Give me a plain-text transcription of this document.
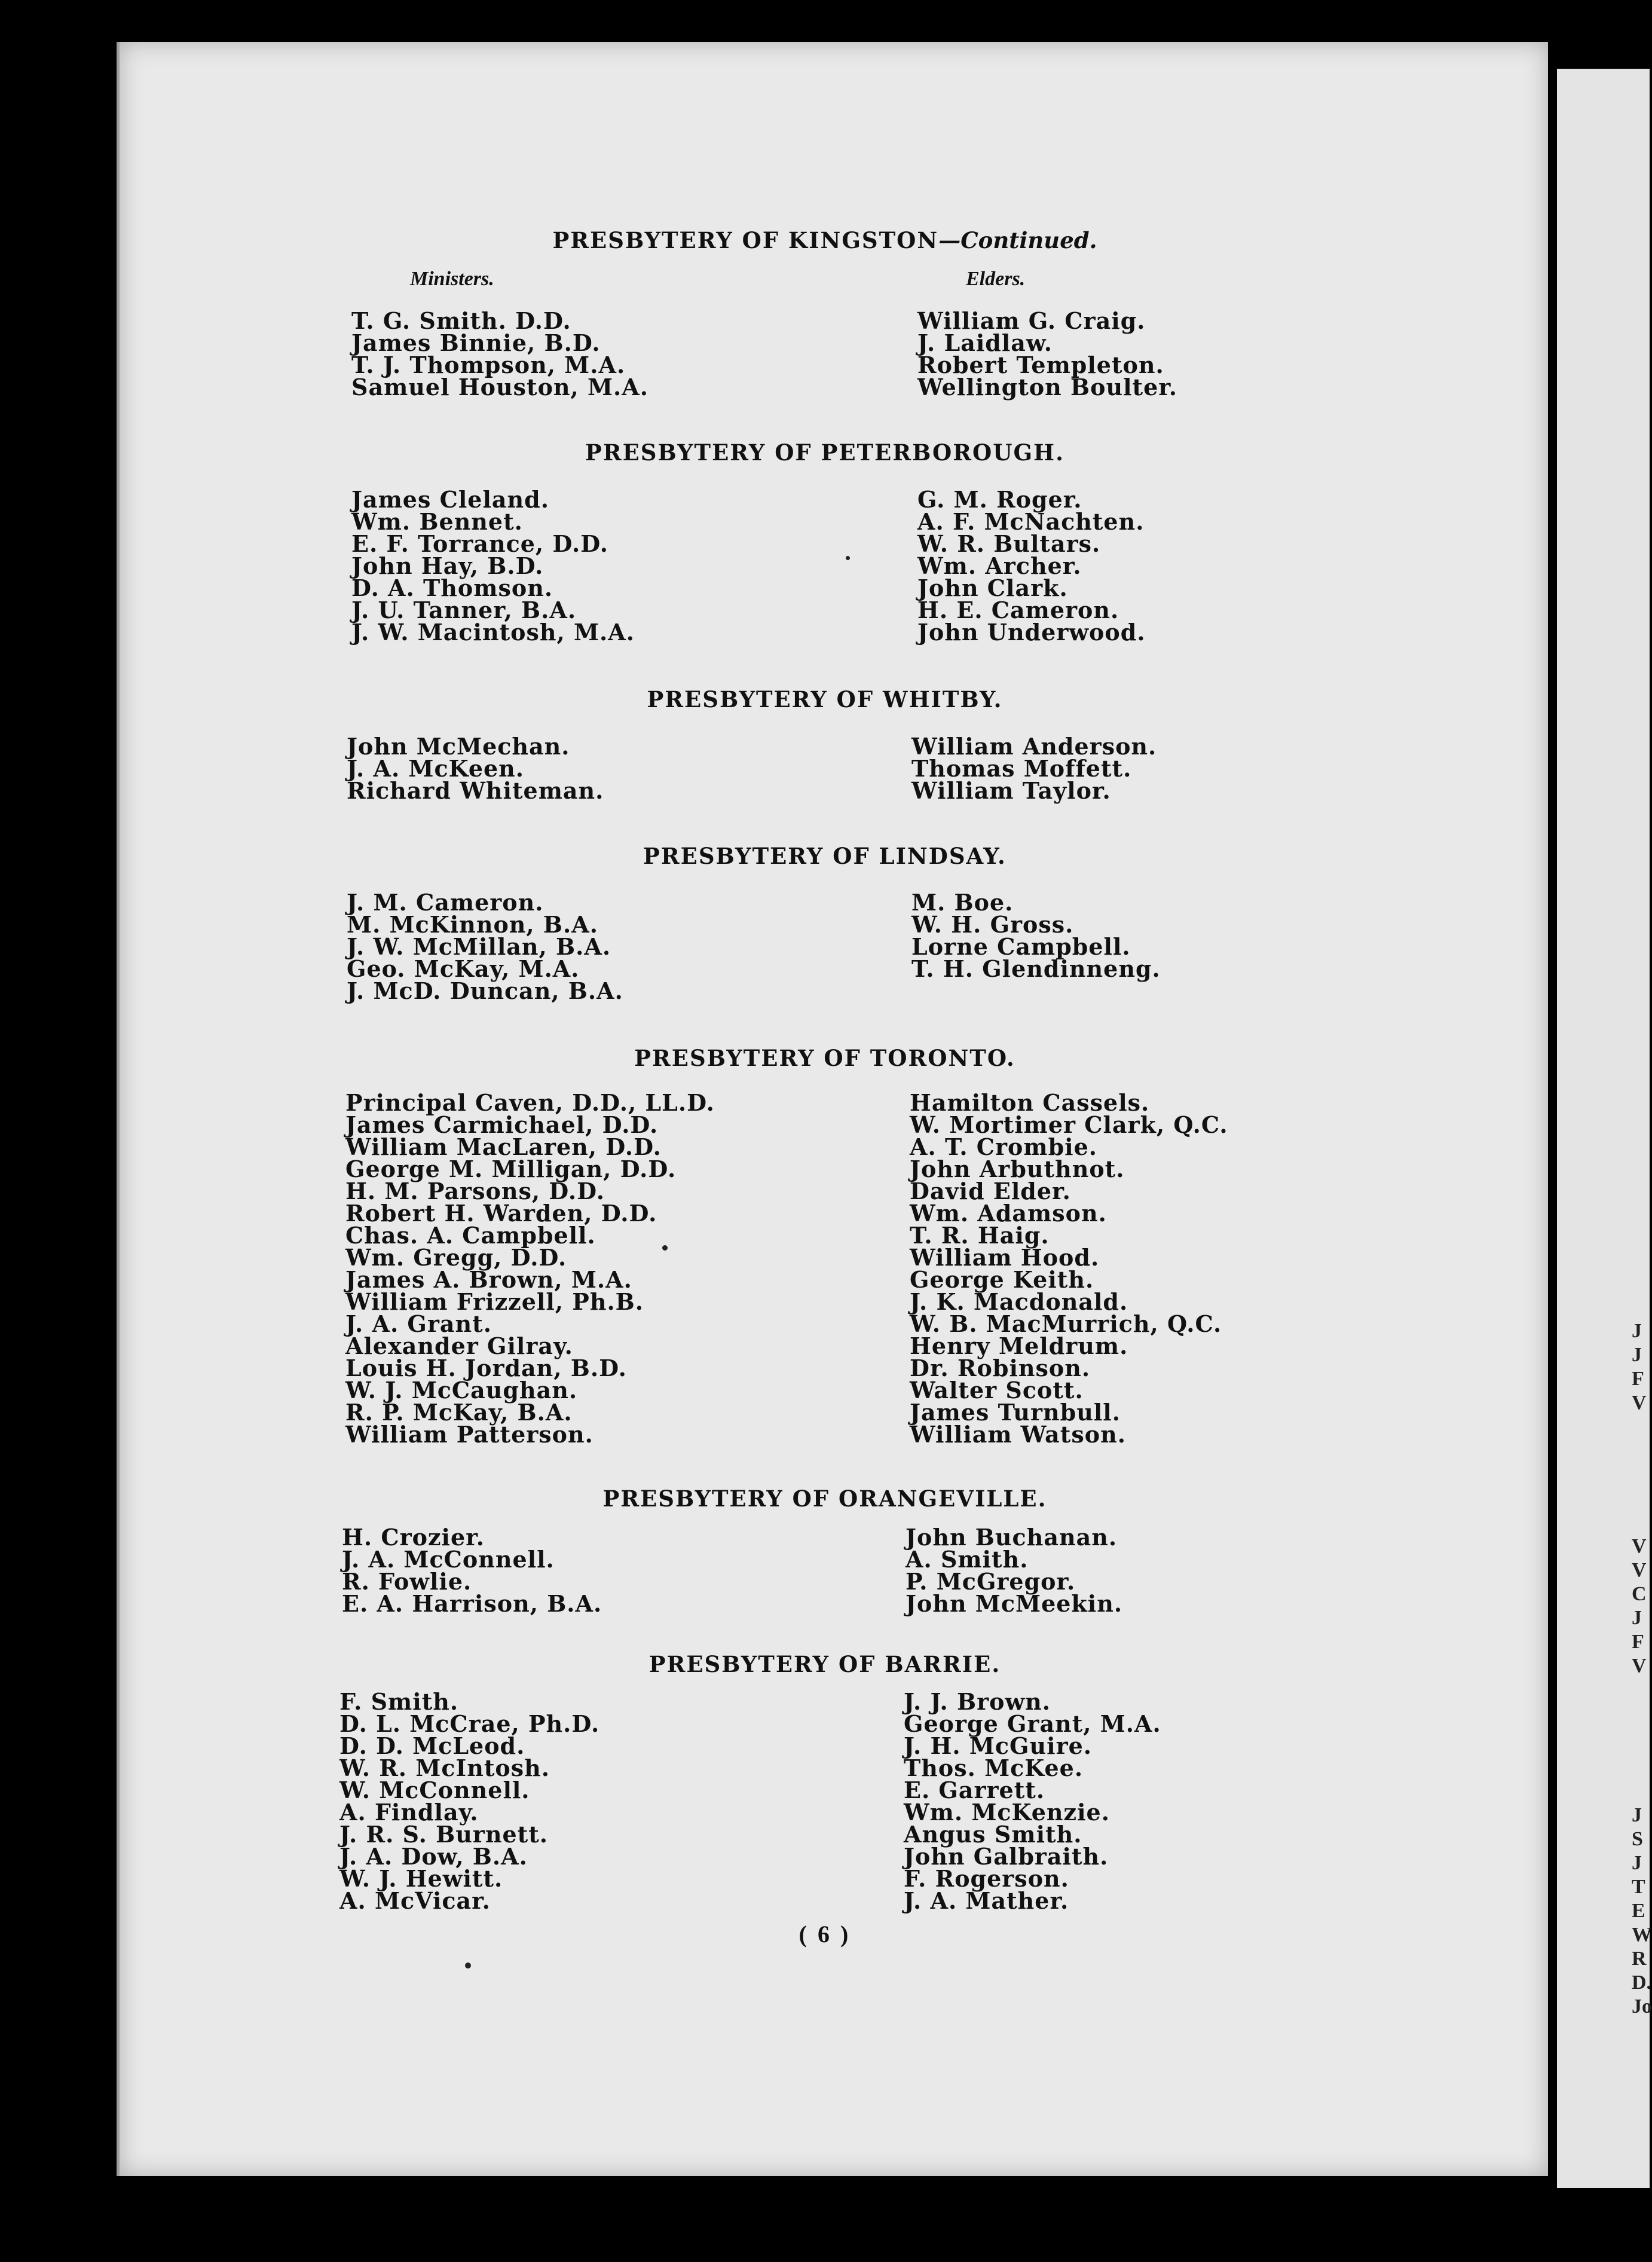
PRESBYTERY OF KINGSTON—Continued.
Ministers.	Elders.
T. G. Smith. D.D.
James Binnie, B.D.
T. J. Thompson, M.A.
Samuel Houston, M.A.
William G. Craig.
J. Laidlaw.
Robert Templeton.
Wellington Boulter.
PRESBYTERY OF PETERBOROUGH.
James Cleland.
Wm. Bennet.
E. F. Torrance, D.D.
John Hay, B.D.
D. A. Thomson.
J. U. Tanner, B.A.
J. W. Macintosh, M.A.
G. M. Roger.
A. F. McNachten.
W. R. Bultars.
Wm. Archer.
John Clark.
H. E. Cameron.
John Underwood.
PRESBYTERY OF WHITBY.
John McMechan.
J. A. McKeen.
Richard Whiteman.
William Anderson.
Thomas Moffett.
William Taylor.
PRESBYTERY OF LINDSAY.
J. M. Cameron.
M. McKinnon, B.A.
J. W. McMillan, B.A.
Geo. McKay, M.A.
J. McD. Duncan, B.A.
M. Boe.
W. H. Gross.
Lorne Campbell.
T. H. Glendinneng.
PRESBYTERY OF TORONTO.
Principal Caven, D.D., LL.D.
James Carmichael, D.D.
William MacLaren, D.D.
George M. Milligan, D.D.
H. M. Parsons, D.D.
Robert H. Warden, D.D.
Chas. A. Campbell.
Wm. Gregg, D.D.
James A. Brown, M.A.
William Frizzell, Ph.B.
J. A. Grant.
Alexander Gilray.
Louis H. Jordan, B.D.
W. J. McCaughan.
R. P. McKay, B.A.
William Patterson.
Hamilton Cassels.
W. Mortimer Clark, Q.C.
A. T. Crombie.
John Arbuthnot.
David Elder.
Wm. Adamson.
T. R. Haig.
William Hood.
George Keith.
J. K. Macdonald.
W. B. MacMurrich, Q.C.
Henry Meldrum.
Dr. Robinson.
Walter Scott.
James Turnbull.
William Watson.
PRESBYTERY OF ORANGEVILLE.
H. Crozier.
J. A. McConnell.
R. Fowlie.
E. A. Harrison, B.A.
John Buchanan.
A. Smith.
P. McGregor.
John McMeekin.
PRESBYTERY OF BARRIE.
F. Smith.
D. L. McCrae, Ph.D.
D. D. McLeod.
W. R. McIntosh.
W. McConnell.
A. Findlay.
J. R. S. Burnett.
J. A. Dow, B.A.
W. J. Hewitt.
A. McVicar.
J. J. Brown.
George Grant, M.A.
J. H. McGuire.
Thos. McKee.
E. Garrett.
Wm. McKenzie.
Angus Smith.
John Galbraith.
F. Rogerson.
J. A. Mather.
( 6 )
J
J
F
V
V
V
C
J
F
V
J
S
J
T
E
W
R
D.
Jo
